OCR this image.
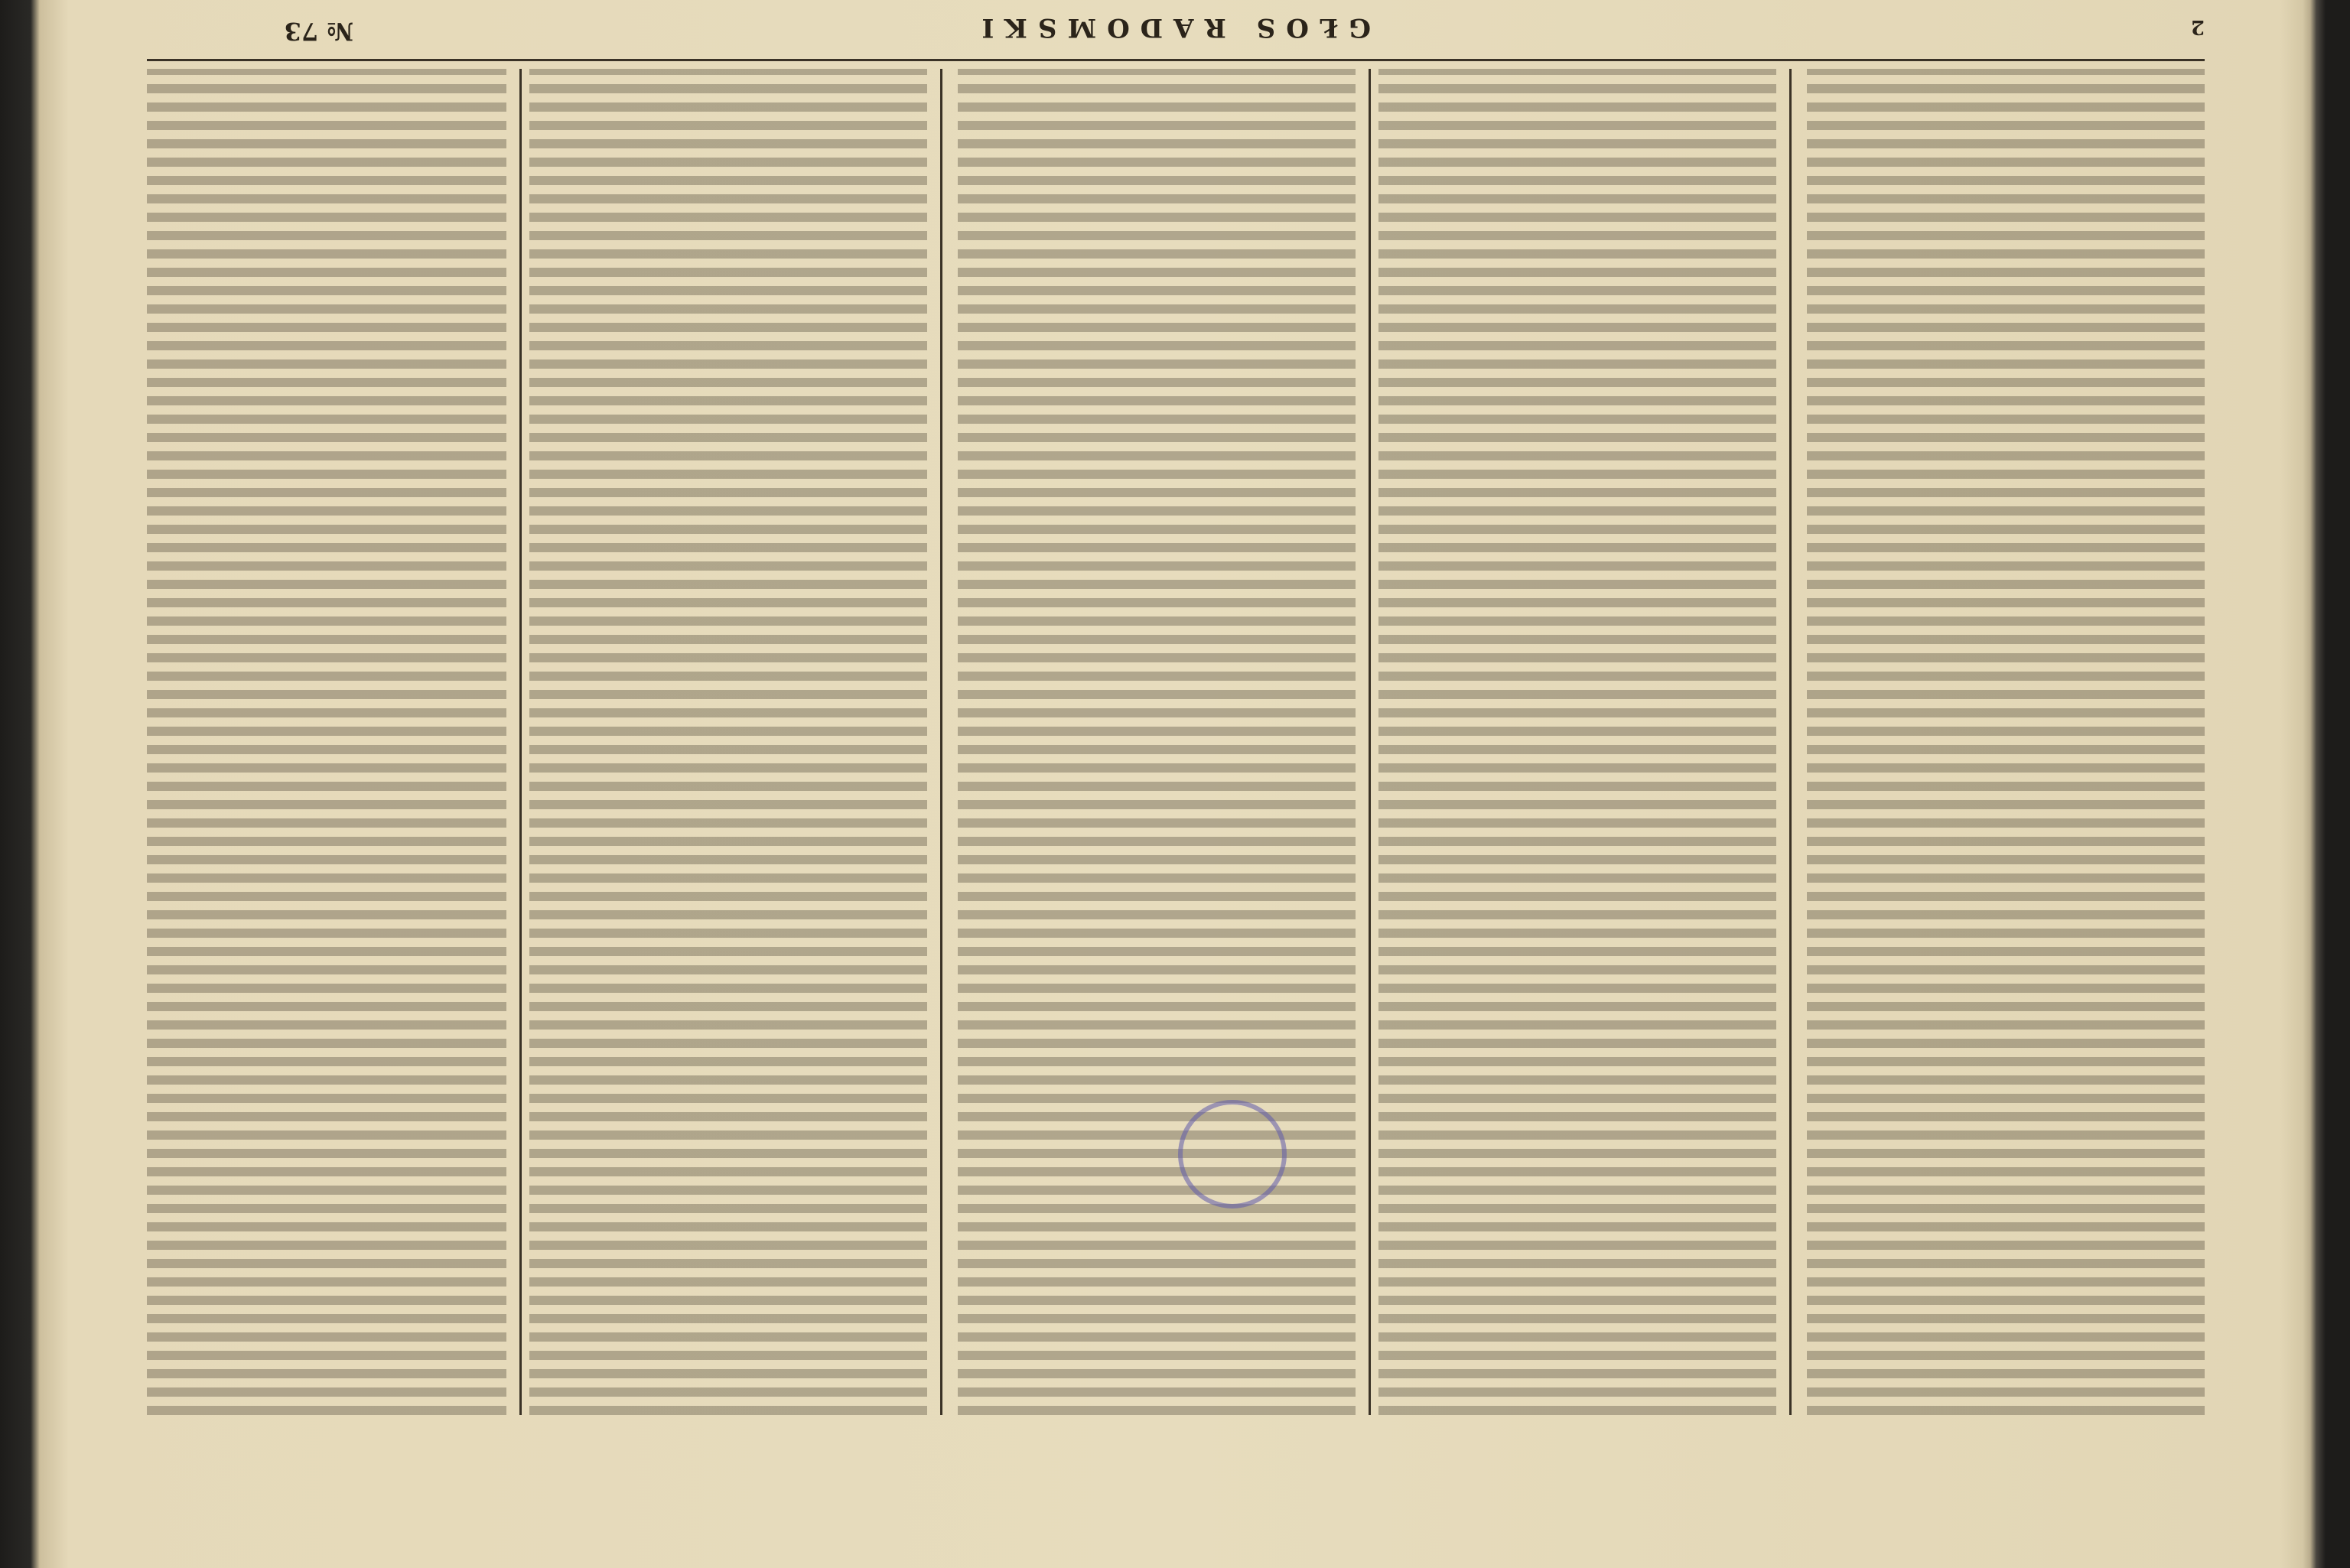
2
GŁOS RADOMSKI
№ 73
